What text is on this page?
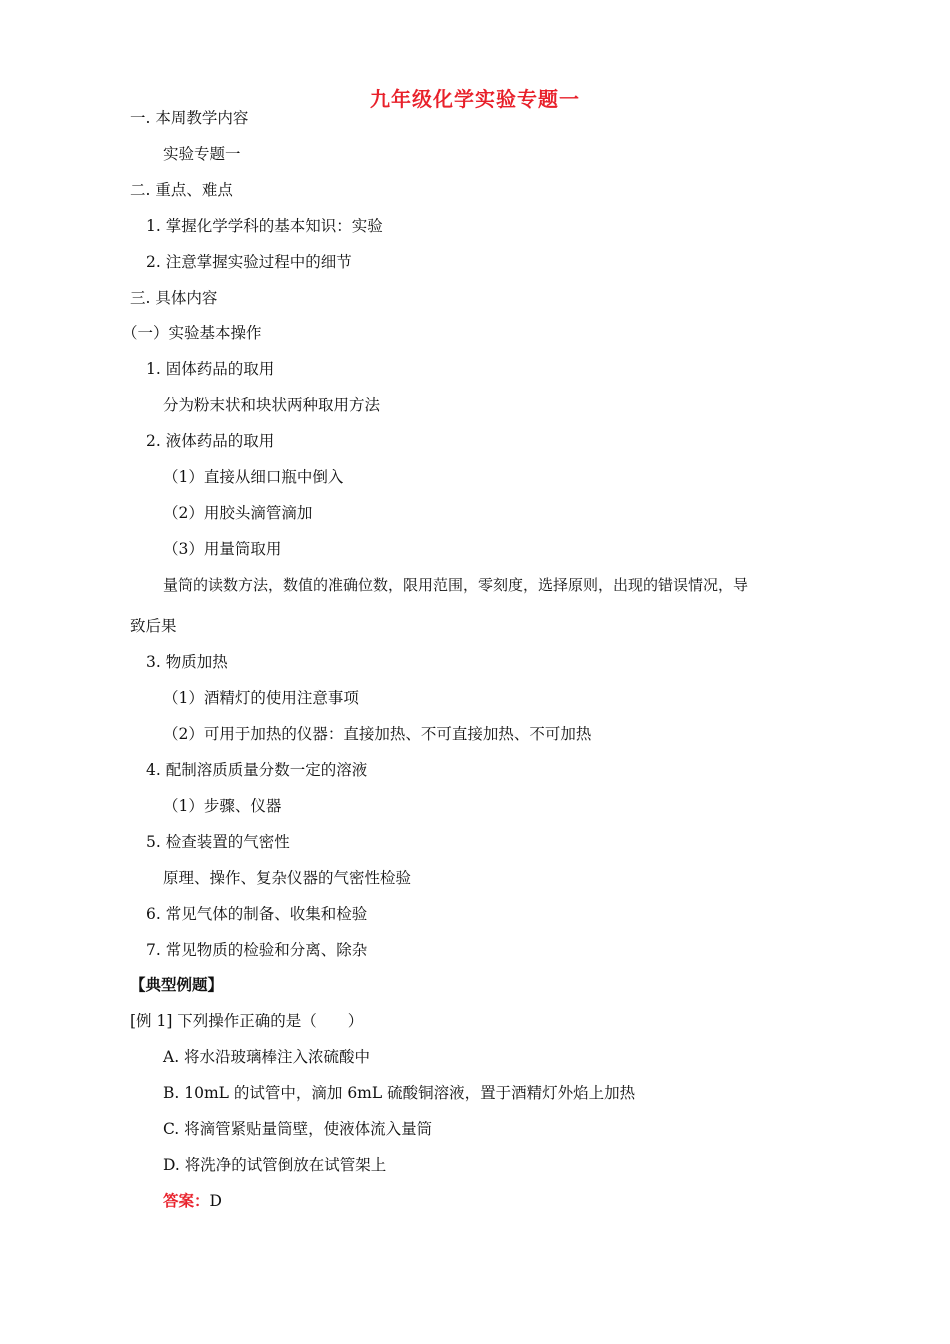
九年级化学实验专题一
一. 本周教学内容
实验专题一
二. 重点、难点
1. 掌握化学学科的基本知识：实验
2. 注意掌握实验过程中的细节
三. 具体内容
（一）实验基本操作
1. 固体药品的取用
分为粉末状和块状两种取用方法
2. 液体药品的取用
（1）直接从细口瓶中倒入
（2）用胶头滴管滴加
（3）用量筒取用
量筒的读数方法，数值的准确位数，限用范围，零刻度，选择原则，出现的错误情况，导
致后果
3. 物质加热
（1）酒精灯的使用注意事项
（2）可用于加热的仪器：直接加热、不可直接加热、不可加热
4. 配制溶质质量分数一定的溶液
（1）步骤、仪器
5. 检查装置的气密性
原理、操作、复杂仪器的气密性检验
6. 常见气体的制备、收集和检验
7. 常见物质的检验和分离、除杂
【典型例题】
[例 1] 下列操作正确的是（　　）
A. 将水沿玻璃棒注入浓硫酸中
B. 10mL 的试管中，滴加 6mL 硫酸铜溶液，置于酒精灯外焰上加热
C. 将滴管紧贴量筒壁，使液体流入量筒
D. 将洗净的试管倒放在试管架上
答案：D
